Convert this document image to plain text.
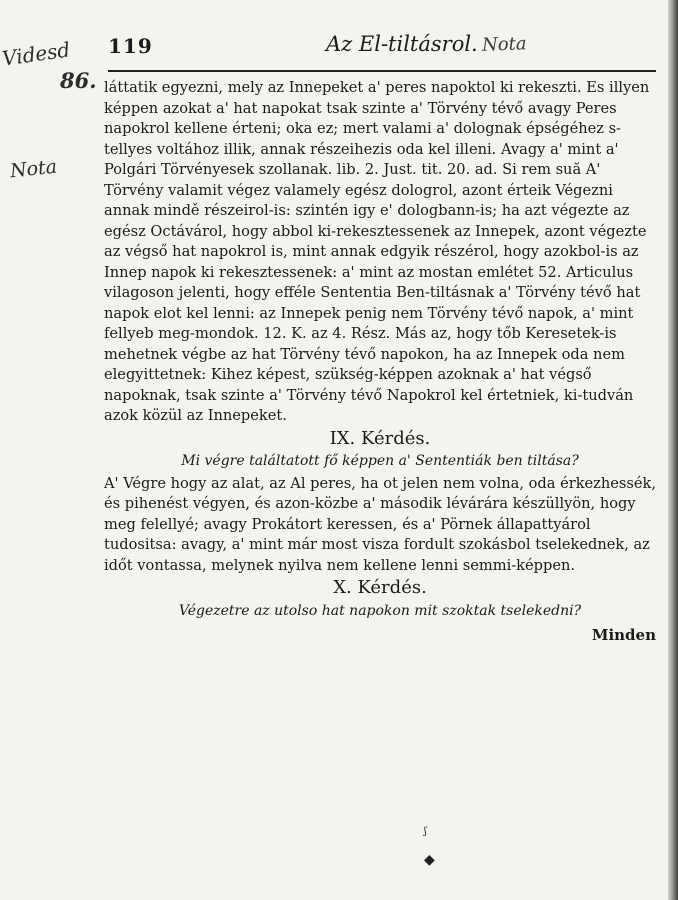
Videsd
86.
Nota
119	Az El-tiltásrol. Nota

láttatik egyezni, mely az Innepeket a' peres napoktol ki rekeszti. Es illyen képpen azokat a' hat napokat tsak szinte a' Törvény tévő avagy Peres napokrol kellene érteni; oka ez; mert valami a' dolognak épségéhez s-tellyes voltához illik, annak részeihezis oda kel illeni. Avagy a' mint a' Polgári Törvényesek szollanak. lib. 2. Just. tit. 20. ad. Si rem suă A' Törvény valamit végez valamely egész dologrol, azont érteik Végezni annak mindě részeirol-is: szintén igy e' dologbann-is; ha azt végezte az egész Octávárol, hogy abbol ki-rekesztessenek az Innepek, azont végezte az végső hat napokrol is, mint annak edgyik részérol, hogy azokbol-is az Innep napok ki rekesztessenek: a' mint az mostan emlétet 52. Articulus vilagoson jelenti, hogy efféle Sententia Ben-tiltásnak a' Törvény tévő hat napok elot kel lenni: az Innepek penig nem Törvény tévő napok, a' mint fellyeb meg-mondok. 12. K. az 4. Rész. Más az, hogy tőb Keresetek-is mehetnek végbe az hat Törvény tévő napokon, ha az Innepek oda nem elegyittetnek: Kihez képest, szükség-képpen azoknak a' hat végső napoknak, tsak szinte a' Törvény tévő Napokrol kel értetniek, ki-tudván azok közül az Innepeket.

IX. Kérdés.
Mi végre találtatott fő képpen a' Sententiák ben tiltása?

A' Végre hogy az alat, az Al peres, ha ot jelen nem volna, oda érkezhessék, és pihenést végyen, és azon-közbe a' második lévárára készüllyön, hogy meg felellyé; avagy Prokátort keressen, és a' Pörnek állapattyárol tudositsa: avagy, a' mint már most visza fordult szokásbol tselekednek, az időt vontassa, melynek nyilva nem kellene lenni semmi-képpen.

X. Kérdés.
Végezetre az utolso hat napokon mit szoktak tselekedni?
Minden
ʃ
◆
